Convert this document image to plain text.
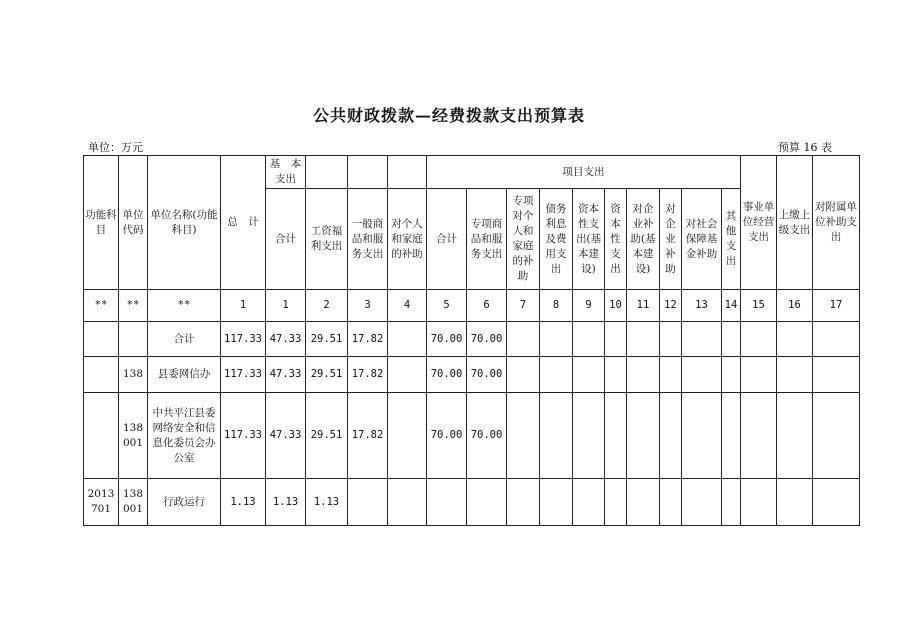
公共财政拨款—经费拨款支出预算表
单位：万元	预算 16 表
功能科目	单位代码	单位名称(功能科目)	总　计	基　本　支出				项目支出										事业单位经营支出	上缴上级支出	对附属单位补助支出
				合计	工资福利支出	一般商品和服务支出	对个人和家庭的补助	合计	专项商品和服务支出	专项对个人和家庭的补助	债务利息及费用支出	资本性支出(基本建设)	资本性支出	对企业补助(基本建设)	对企业补助	对社会保障基金补助	其他支出			

**	**	**	1	1	2	3	4	5	6	7	8	9	10	11	12	13	14	15	16	17
		合计	117.33	47.33	29.51	17.82		70.00	70.00											
	138	县委网信办	117.33	47.33	29.51	17.82		70.00	70.00											
	138 001	中共平江县委网络安全和信息化委员会办公室	117.33	47.33	29.51	17.82		70.00	70.00											
2013 701	138 001	行政运行	1.13	1.13	1.13															
